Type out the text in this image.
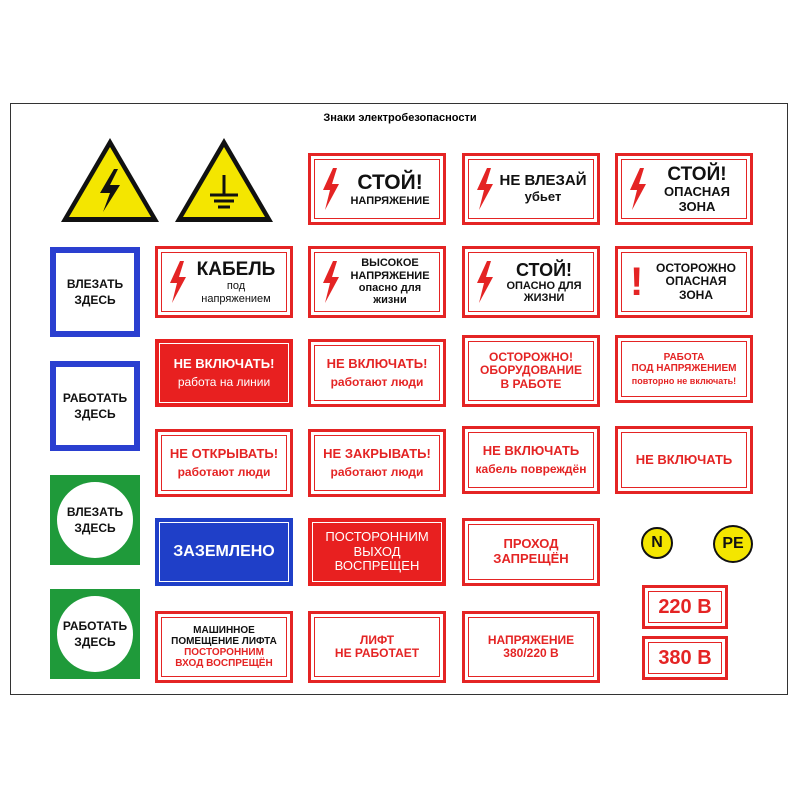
Знаки электробезопасности
ВЛЕЗАТЬ
ЗДЕСЬ
РАБОТАТЬ
ЗДЕСЬ
ВЛЕЗАТЬ
ЗДЕСЬ
РАБОТАТЬ
ЗДЕСЬ
СТОЙ!
НАПРЯЖЕНИЕ
НЕ ВЛЕЗАЙ
убьет
СТОЙ!
ОПАСНАЯ
ЗОНА
КАБЕЛЬ
под
напряжением
ВЫСОКОЕ
НАПРЯЖЕНИЕ
опасно для
жизни
СТОЙ!
ОПАСНО ДЛЯ
ЖИЗНИ	! ОСТОРОЖНО
ОПАСНАЯ
ЗОНА
НЕ ВКЛЮЧАТЬ!
работа на линии
НЕ ВКЛЮЧАТЬ!
работают люди
ОСТОРОЖНО!
ОБОРУДОВАНИЕ
В РАБОТЕ
РАБОТА
ПОД НАПРЯЖЕНИЕМ
повторно не включать!
НЕ ОТКРЫВАТЬ!
работают люди
НЕ ЗАКРЫВАТЬ!
работают люди
НЕ ВКЛЮЧАТЬ
кабель повреждён
НЕ ВКЛЮЧАТЬ
ЗАЗЕМЛЕНО
ПОСТОРОННИМ
ВЫХОД
ВОСПРЕЩЕН
ПРОХОД
ЗАПРЕЩЁН
N	PE
МАШИННОЕ
ПОМЕЩЕНИЕ ЛИФТА
ПОСТОРОННИМ
ВХОД ВОСПРЕЩЁН
ЛИФТ
НЕ РАБОТАЕТ
НАПРЯЖЕНИЕ
380/220 В
220 В
380 В
